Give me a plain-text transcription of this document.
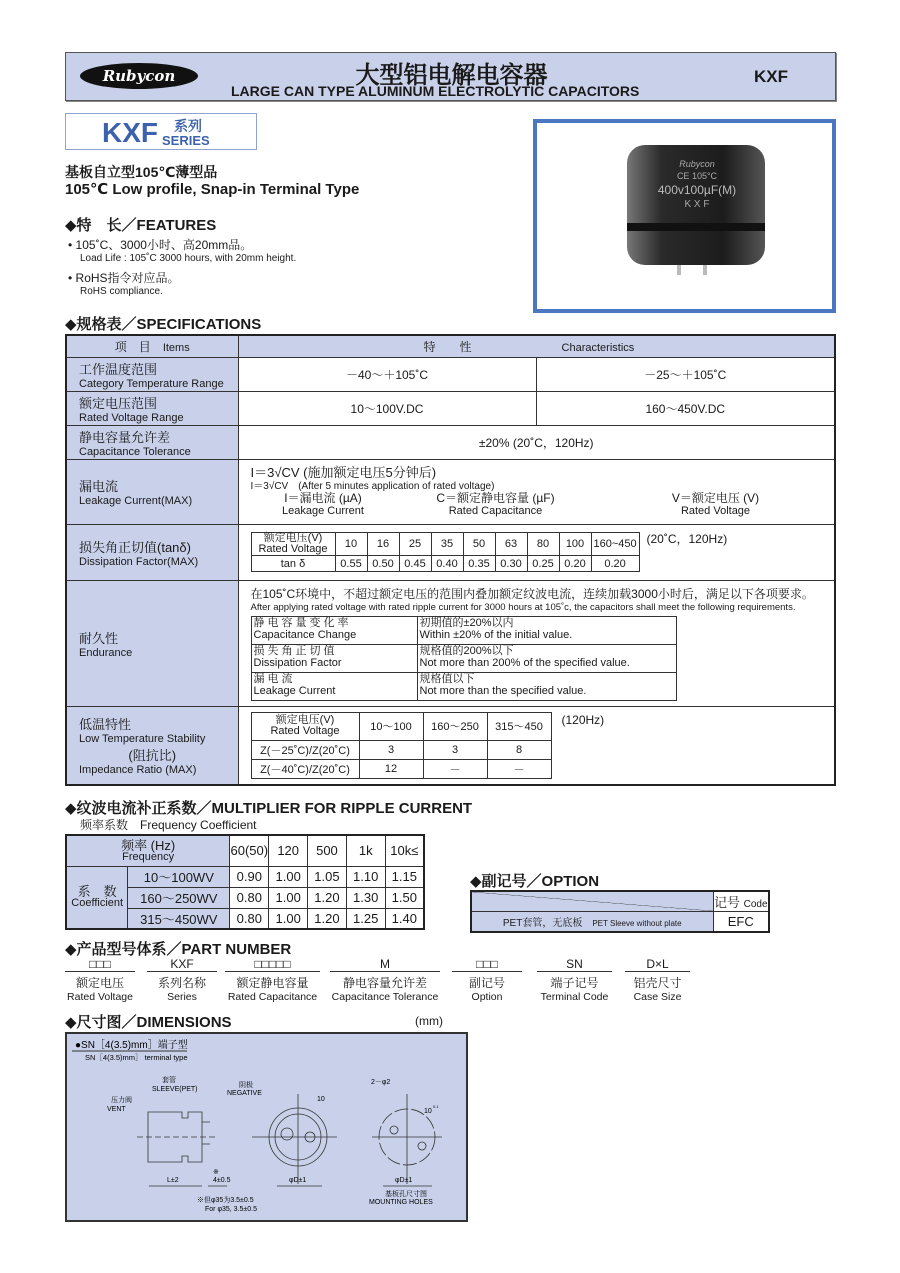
Rubycon	大型铝电解电容器
LARGE CAN TYPE ALUMINUM ELECTROLYTIC CAPACITORS
KXF
KXF 系列
SERIES
基板自立型105℃薄型品
105℃ Low profile, Snap-in Terminal Type
◆特　长／FEATURES
• 105˚C、3000小时、高20mm品。
Load Life : 105˚C 3000 hours, with 20mm height.
• RoHS指令对应品。
RoHS compliance.
Rubycon
CE 105°C
400v100µF(M)
K X F
◆规格表／SPECIFICATIONS
项　目　 Items	特　　性	Characteristics

工作温度范围
Category Temperature Range
	－40～＋105˚C	－25～＋105˚C

额定电压范围
Rated Voltage Range
	10～100V.DC	160～450V.DC

静电容量允许差
Capacitance Tolerance
	±20% (20˚C，120Hz)

漏电流
Leakage Current(MAX)

I＝3√CV (施加额定电压5分钟后)
I＝3√CV　(After 5 minutes application of rated voltage)
I＝漏电流 (µA)
Leakage Current
C＝额定静电容量 (µF)
Rated Capacitance
V＝额定电压 (V)
Rated Voltage

损失角正切值(tanδ)
Dissipation Factor(MAX)

额定电压(V)
Rated Voltage	10	16	25	35	50	63	80	100	160~450
tan δ	0.55	0.50	0.45	0.40	0.35	0.30	0.25	0.20	0.20
(20˚C，120Hz)

耐久性
Endurance

在105˚C环境中，不超过额定电压的范围内叠加额定纹波电流，连续加载3000小时后，满足以下各项要求。
After applying rated voltage with rated ripple current for 3000 hours at 105˚c, the capacitors shall meet the following requirements.
静电容量变化率
Capacitance Change

初期值的±20%以内
Within ±20% of the initial value.

损失角正切值
Dissipation Factor

规格值的200%以下
Not more than 200% of the specified value.

漏电流
Leakage Current

规格值以下
Not more than the specified value.

低温特性
Low Temperature Stability
(阻抗比)
Impedance Ratio (MAX)

额定电压(V)
Rated Voltage	10～100	160～250	315～450
Z(－25˚C)/Z(20˚C)	3	3	8
Z(－40˚C)/Z(20˚C)	12	－	－
(120Hz)
◆纹波电流补正系数／MULTIPLIER FOR RIPPLE CURRENT
频率系数　Frequency Coefficient
频率 (Hz)
Frequency		60(50)	120	500	1k	10k≤

系　数
Coefficient	10～100WV	0.90	1.00	1.05	1.10	1.15
	160～250WV	0.80	1.00	1.20	1.30	1.50
	315～450WV	0.80	1.00	1.20	1.25	1.40
◆副记号／OPTION
	记号 Code
PET套管，无底板　 PET Sleeve without plate	EFC
◆产品型号体系／PART NUMBER
□□□
额定电压
Rated Voltage
KXF
系列名称
Series
□□□□□
额定静电容量
Rated Capacitance
M
静电容量允许差
Capacitance Tolerance
□□□
副记号
Option
SN
端子记号
Terminal Code
D×L
铝壳尺寸
Case Size
◆尺寸图／DIMENSIONS	(mm)
●SN［4(3.5)mm］端子型
SN［4(3.5)mm］ terminal type
套管
SLEEVE(PET)
压力阀
VENT
L±2
※
4±0.5
※但φ35为3.5±0.5
For φ35, 3.5±0.5
阴极
NEGATIVE
10
φD±1
2－φ2
10
0.1
φD±1
基板孔尺寸图
MOUNTING HOLES
